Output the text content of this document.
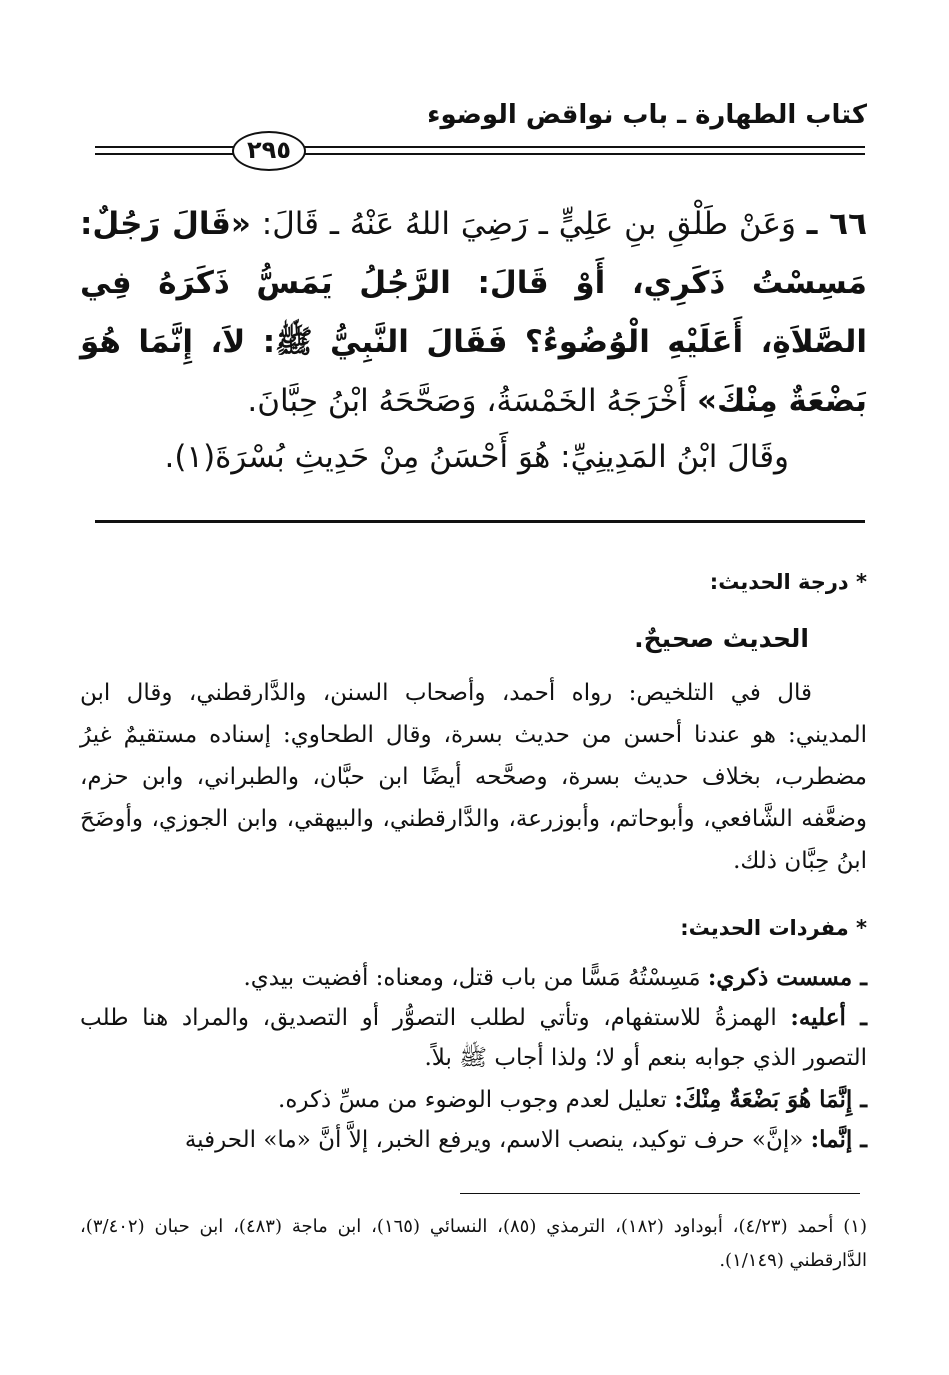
كتاب الطهارة ـ باب نواقض الوضوء
٢٩٥
٦٦ ـ وَعَنْ طَلْقِ بنِ عَلِيٍّ ـ رَضِيَ اللهُ عَنْهُ ـ قَالَ: «قَالَ رَجُلٌ: مَسِسْتُ ذَكَرِي، أَوْ قَالَ: الرَّجُلُ يَمَسُّ ذَكَرَهُ فِي الصَّلاَةِ، أَعَلَيْهِ الْوُضُوءُ؟ فَقَالَ النَّبِيُّ ﷺ: لاَ، إِنَّمَا هُوَ بَضْعَةٌ مِنْكَ» أَخْرَجَهُ الخَمْسَةُ، وَصَحَّحَهُ ابْنُ حِبَّانَ.
وقَالَ ابْنُ المَدِينِيِّ: هُوَ أَحْسَنُ مِنْ حَدِيثِ بُسْرَةَ(١).
* درجة الحديث:
الحديث صحيحٌ.
قال في التلخيص: رواه أحمد، وأصحاب السنن، والدَّارقطني، وقال ابن المديني: هو عندنا أحسن من حديث بسرة، وقال الطحاوي: إسناده مستقيمٌ غيرُ مضطرب، بخلاف حديث بسرة، وصحَّحه أيضًا ابن حبَّان، والطبراني، وابن حزم، وضعَّفه الشَّافعي، وأبوحاتم، وأبوزرعة، والدَّارقطني، والبيهقي، وابن الجوزي، وأوضَحَ ابنُ حِبَّان ذلك.
* مفردات الحديث:
ـ مسست ذكري: مَسِسْتُهُ مَسًّا من باب قتل، ومعناه: أفضيت بيدي.
ـ أعليه: الهمزةُ للاستفهام، وتأتي لطلب التصوُّر أو التصديق، والمراد هنا طلب التصور الذي جوابه بنعم أو لا؛ ولذا أجاب ﷺ بلاً.
ـ إِنَّمَا هُوَ بَضْعَةٌ مِنْكَ: تعليل لعدم وجوب الوضوء من مسِّ ذكره.
ـ إنَّما: «إنَّ» حرف توكيد، ينصب الاسم، ويرفع الخبر، إلاَّ أنَّ «ما» الحرفية
(١) أحمد (٤/٢٣)، أبوداود (١٨٢)، الترمذي (٨٥)، النسائي (١٦٥)، ابن ماجة (٤٨٣)، ابن حبان (٣/٤٠٢)، الدَّارقطني (١/١٤٩).
